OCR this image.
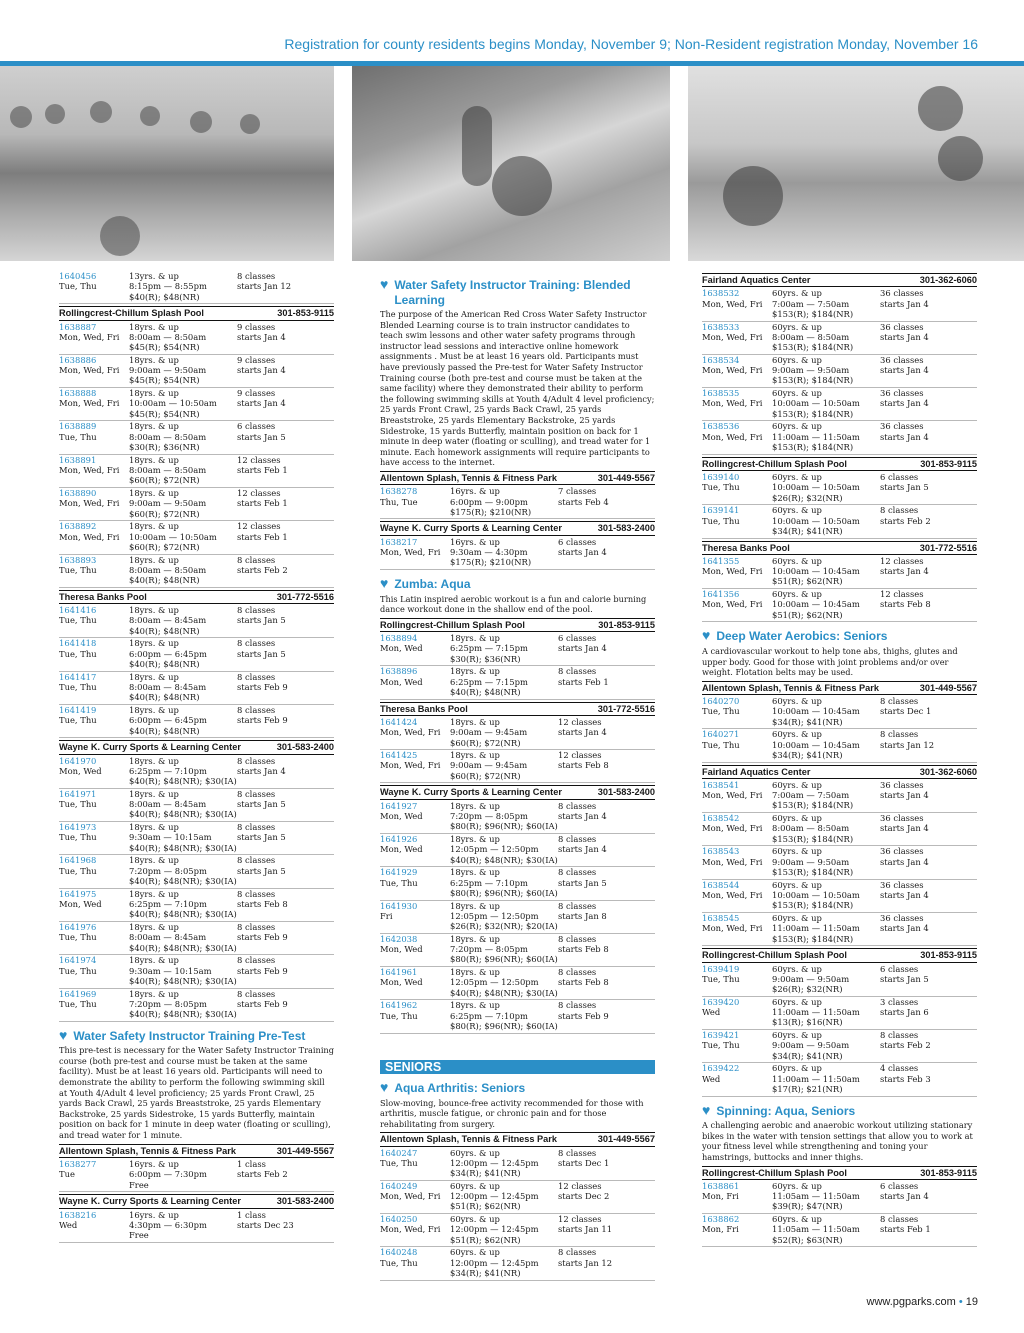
Registration for county residents begins Monday, November 9; Non-Resident registration Monday, November 16
1640456	13yrs. & up	8 classes
Tue, Thu	8:15pm — 8:55pm	starts Jan 12
$40(R); $48(NR)
Rollingcrest-Chillum Splash Pool	301-853-9115
1638887	18yrs. & up	9 classes
Mon, Wed, Fri	8:00am — 8:50am	starts Jan 4
$45(R); $54(NR)
1638886	18yrs. & up	9 classes
Mon, Wed, Fri	9:00am — 9:50am	starts Jan 4
$45(R); $54(NR)
1638888	18yrs. & up	9 classes
Mon, Wed, Fri	10:00am — 10:50am	starts Jan 4
$45(R); $54(NR)
1638889	18yrs. & up	6 classes
Tue, Thu	8:00am — 8:50am	starts Jan 5
$30(R); $36(NR)
1638891	18yrs. & up	12 classes
Mon, Wed, Fri	8:00am — 8:50am	starts Feb 1
$60(R); $72(NR)
1638890	18yrs. & up	12 classes
Mon, Wed, Fri	9:00am — 9:50am	starts Feb 1
$60(R); $72(NR)
1638892	18yrs. & up	12 classes
Mon, Wed, Fri	10:00am — 10:50am	starts Feb 1
$60(R); $72(NR)
1638893	18yrs. & up	8 classes
Tue, Thu	8:00am — 8:50am	starts Feb 2
$40(R); $48(NR)
Theresa Banks Pool	301-772-5516
1641416	18yrs. & up	8 classes
Tue, Thu	8:00am — 8:45am	starts Jan 5
$40(R); $48(NR)
1641418	18yrs. & up	8 classes
Tue, Thu	6:00pm — 6:45pm	starts Jan 5
$40(R); $48(NR)
1641417	18yrs. & up	8 classes
Tue, Thu	8:00am — 8:45am	starts Feb 9
$40(R); $48(NR)
1641419	18yrs. & up	8 classes
Tue, Thu	6:00pm — 6:45pm	starts Feb 9
$40(R); $48(NR)
Wayne K. Curry Sports & Learning Center	301-583-2400
1641970	18yrs. & up	8 classes
Mon, Wed	6:25pm — 7:10pm	starts Jan 4
$40(R); $48(NR); $30(IA)
1641971	18yrs. & up	8 classes
Tue, Thu	8:00am — 8:45am	starts Jan 5
$40(R); $48(NR); $30(IA)
1641973	18yrs. & up	8 classes
Tue, Thu	9:30am — 10:15am	starts Jan 5
$40(R); $48(NR); $30(IA)
1641968	18yrs. & up	8 classes
Tue, Thu	7:20pm — 8:05pm	starts Jan 5
$40(R); $48(NR); $30(IA)
1641975	18yrs. & up	8 classes
Mon, Wed	6:25pm — 7:10pm	starts Feb 8
$40(R); $48(NR); $30(IA)
1641976	18yrs. & up	8 classes
Tue, Thu	8:00am — 8:45am	starts Feb 9
$40(R); $48(NR); $30(IA)
1641974	18yrs. & up	8 classes
Tue, Thu	9:30am — 10:15am	starts Feb 9
$40(R); $48(NR); $30(IA)
1641969	18yrs. & up	8 classes
Tue, Thu	7:20pm — 8:05pm	starts Feb 9
$40(R); $48(NR); $30(IA)
♥ Water Safety Instructor Training Pre-Test
This pre-test is necessary for the Water Safety Instructor Training course (both pre-test and course must be taken at the same facility). Must be at least 16 years old. Participants will need to demonstrate the ability to perform the following swimming skill at Youth 4/Adult 4 level proficiency; 25 yards Front Crawl, 25 yards Back Crawl, 25 yards Breaststroke, 25 yards Elementary Backstroke, 25 yards Sidestroke, 15 yards Butterfly, maintain position on back for 1 minute in deep water (floating or sculling), and tread water for 1 minute.
Allentown Splash, Tennis & Fitness Park	301-449-5567
1638277	16yrs. & up	1 class
Tue	6:00pm — 7:30pm	starts Feb 2
Free
Wayne K. Curry Sports & Learning Center	301-583-2400
1638216	16yrs. & up	1 class
Wed	4:30pm — 6:30pm	starts Dec 23
Free
♥ Water Safety Instructor Training: Blended Learning
The purpose of the American Red Cross Water Safety Instructor Blended Learning course is to train instructor candidates to teach swim lessons and other water safety programs through instructor lead sessions and interactive online homework assignments . Must be at least 16 years old. Participants must have previously passed the Pre-test for Water Safety Instructor Training course (both pre-test and course must be taken at the same facility) where they demonstrated their ability to perform the following swimming skills at Youth 4/Adult 4 level proficiency; 25 yards Front Crawl, 25 yards Back Crawl, 25 yards Breaststroke, 25 yards Elementary Backstroke, 25 yards Sidestroke, 15 yards Butterfly, maintain position on back for 1 minute in deep water (floating or sculling), and tread water for 1 minute. Each homework assignments will require participants to have access to the internet.
Allentown Splash, Tennis & Fitness Park	301-449-5567
1638278	16yrs. & up	7 classes
Thu, Tue	6:00pm — 9:00pm	starts Feb 4
$175(R); $210(NR)
Wayne K. Curry Sports & Learning Center	301-583-2400
1638217	16yrs. & up	6 classes
Mon, Wed, Fri	9:30am — 4:30pm	starts Jan 4
$175(R); $210(NR)
♥ Zumba: Aqua
This Latin inspired aerobic workout is a fun and calorie burning dance workout done in the shallow end of the pool.
Rollingcrest-Chillum Splash Pool	301-853-9115
1638894	18yrs. & up	6 classes
Mon, Wed	6:25pm — 7:15pm	starts Jan 4
$30(R); $36(NR)
1638896	18yrs. & up	8 classes
Mon, Wed	6:25pm — 7:15pm	starts Feb 1
$40(R); $48(NR)
Theresa Banks Pool	301-772-5516
1641424	18yrs. & up	12 classes
Mon, Wed, Fri	9:00am — 9:45am	starts Jan 4
$60(R); $72(NR)
1641425	18yrs. & up	12 classes
Mon, Wed, Fri	9:00am — 9:45am	starts Feb 8
$60(R); $72(NR)
Wayne K. Curry Sports & Learning Center	301-583-2400
1641927	18yrs. & up	8 classes
Mon, Wed	7:20pm — 8:05pm	starts Jan 4
$80(R); $96(NR); $60(IA)
1641926	18yrs. & up	8 classes
Mon, Wed	12:05pm — 12:50pm	starts Jan 4
$40(R); $48(NR); $30(IA)
1641929	18yrs. & up	8 classes
Tue, Thu	6:25pm — 7:10pm	starts Jan 5
$80(R); $96(NR); $60(IA)
1641930	18yrs. & up	8 classes
Fri	12:05pm — 12:50pm	starts Jan 8
$26(R); $32(NR); $20(IA)
1642038	18yrs. & up	8 classes
Mon, Wed	7:20pm — 8:05pm	starts Feb 8
$80(R); $96(NR); $60(IA)
1641961	18yrs. & up	8 classes
Mon, Wed	12:05pm — 12:50pm	starts Feb 8
$40(R); $48(NR); $30(IA)
1641962	18yrs. & up	8 classes
Tue, Thu	6:25pm — 7:10pm	starts Feb 9
$80(R); $96(NR); $60(IA)
SENIORS
♥ Aqua Arthritis: Seniors
Slow-moving, bounce-free activity recommended for those with arthritis, muscle fatigue, or chronic pain and for those rehabilitating from surgery.
Allentown Splash, Tennis & Fitness Park	301-449-5567
1640247	60yrs. & up	8 classes
Tue, Thu	12:00pm — 12:45pm	starts Dec 1
$34(R); $41(NR)
1640249	60yrs. & up	12 classes
Mon, Wed, Fri	12:00pm — 12:45pm	starts Dec 2
$51(R); $62(NR)
1640250	60yrs. & up	12 classes
Mon, Wed, Fri	12:00pm — 12:45pm	starts Jan 11
$51(R); $62(NR)
1640248	60yrs. & up	8 classes
Tue, Thu	12:00pm — 12:45pm	starts Jan 12
$34(R); $41(NR)
Fairland Aquatics Center	301-362-6060
1638532	60yrs. & up	36 classes
Mon, Wed, Fri	7:00am — 7:50am	starts Jan 4
$153(R); $184(NR)
1638533	60yrs. & up	36 classes
Mon, Wed, Fri	8:00am — 8:50am	starts Jan 4
$153(R); $184(NR)
1638534	60yrs. & up	36 classes
Mon, Wed, Fri	9:00am — 9:50am	starts Jan 4
$153(R); $184(NR)
1638535	60yrs. & up	36 classes
Mon, Wed, Fri	10:00am — 10:50am	starts Jan 4
$153(R); $184(NR)
1638536	60yrs. & up	36 classes
Mon, Wed, Fri	11:00am — 11:50am	starts Jan 4
$153(R); $184(NR)
Rollingcrest-Chillum Splash Pool	301-853-9115
1639140	60yrs. & up	6 classes
Tue, Thu	10:00am — 10:50am	starts Jan 5
$26(R); $32(NR)
1639141	60yrs. & up	8 classes
Tue, Thu	10:00am — 10:50am	starts Feb 2
$34(R); $41(NR)
Theresa Banks Pool	301-772-5516
1641355	60yrs. & up	12 classes
Mon, Wed, Fri	10:00am — 10:45am	starts Jan 4
$51(R); $62(NR)
1641356	60yrs. & up	12 classes
Mon, Wed, Fri	10:00am — 10:45am	starts Feb 8
$51(R); $62(NR)
♥ Deep Water Aerobics: Seniors
A cardiovascular workout to help tone abs, thighs, glutes and upper body. Good for those with joint problems and/or over weight. Flotation belts may be used.
Allentown Splash, Tennis & Fitness Park	301-449-5567
1640270	60yrs. & up	8 classes
Tue, Thu	10:00am — 10:45am	starts Dec 1
$34(R); $41(NR)
1640271	60yrs. & up	8 classes
Tue, Thu	10:00am — 10:45am	starts Jan 12
$34(R); $41(NR)
Fairland Aquatics Center	301-362-6060
1638541	60yrs. & up	36 classes
Mon, Wed, Fri	7:00am — 7:50am	starts Jan 4
$153(R); $184(NR)
1638542	60yrs. & up	36 classes
Mon, Wed, Fri	8:00am — 8:50am	starts Jan 4
$153(R); $184(NR)
1638543	60yrs. & up	36 classes
Mon, Wed, Fri	9:00am — 9:50am	starts Jan 4
$153(R); $184(NR)
1638544	60yrs. & up	36 classes
Mon, Wed, Fri	10:00am — 10:50am	starts Jan 4
$153(R); $184(NR)
1638545	60yrs. & up	36 classes
Mon, Wed, Fri	11:00am — 11:50am	starts Jan 4
$153(R); $184(NR)
Rollingcrest-Chillum Splash Pool	301-853-9115
1639419	60yrs. & up	6 classes
Tue, Thu	9:00am — 9:50am	starts Jan 5
$26(R); $32(NR)
1639420	60yrs. & up	3 classes
Wed	11:00am — 11:50am	starts Jan 6
$13(R); $16(NR)
1639421	60yrs. & up	8 classes
Tue, Thu	9:00am — 9:50am	starts Feb 2
$34(R); $41(NR)
1639422	60yrs. & up	4 classes
Wed	11:00am — 11:50am	starts Feb 3
$17(R); $21(NR)
♥ Spinning: Aqua, Seniors
A challenging aerobic and anaerobic workout utilizing stationary bikes in the water with tension settings that allow you to work at your fitness level while strengthening and toning your hamstrings, buttocks and inner thighs.
Rollingcrest-Chillum Splash Pool	301-853-9115
1638861	60yrs. & up	6 classes
Mon, Fri	11:05am — 11:50am	starts Jan 4
$39(R); $47(NR)
1638862	60yrs. & up	8 classes
Mon, Fri	11:05am — 11:50am	starts Feb 1
$52(R); $63(NR)
www.pgparks.com • 19
